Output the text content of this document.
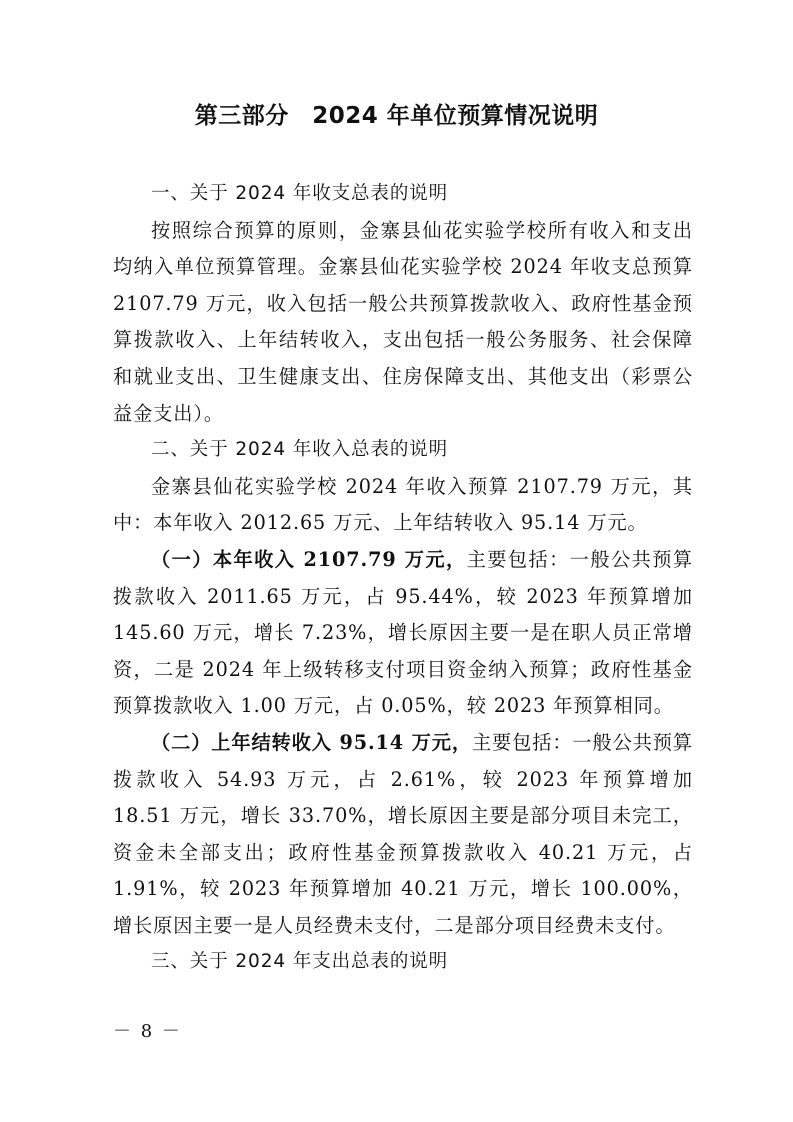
第三部分　2024 年单位预算情况说明

一、关于 2024 年收支总表的说明

按照综合预算的原则，金寨县仙花实验学校所有收入和支出均纳入单位预算管理。金寨县仙花实验学校 2024 年收支总预算 2107.79 万元，收入包括一般公共预算拨款收入、政府性基金预算拨款收入、上年结转收入，支出包括一般公务服务、社会保障和就业支出、卫生健康支出、住房保障支出、其他支出（彩票公益金支出）。

二、关于 2024 年收入总表的说明

金寨县仙花实验学校 2024 年收入预算 2107.79 万元，其中：本年收入 2012.65 万元、上年结转收入 95.14 万元。

（一）本年收入 2107.79 万元，主要包括：一般公共预算拨款收入 2011.65 万元，占 95.44%，较 2023 年预算增加 145.60 万元，增长 7.23%，增长原因主要一是在职人员正常增资，二是 2024 年上级转移支付项目资金纳入预算；政府性基金预算拨款收入 1.00 万元，占 0.05%，较 2023 年预算相同。

（二）上年结转收入 95.14 万元，主要包括：一般公共预算拨款收入 54.93 万元，占 2.61%，较 2023 年预算增加 18.51 万元，增长 33.70%，增长原因主要是部分项目未完工，资金未全部支出；政府性基金预算拨款收入 40.21 万元，占 1.91%，较 2023 年预算增加 40.21 万元，增长 100.00%，增长原因主要一是人员经费未支付，二是部分项目经费未支付。

三、关于 2024 年支出总表的说明

－ 8 －
